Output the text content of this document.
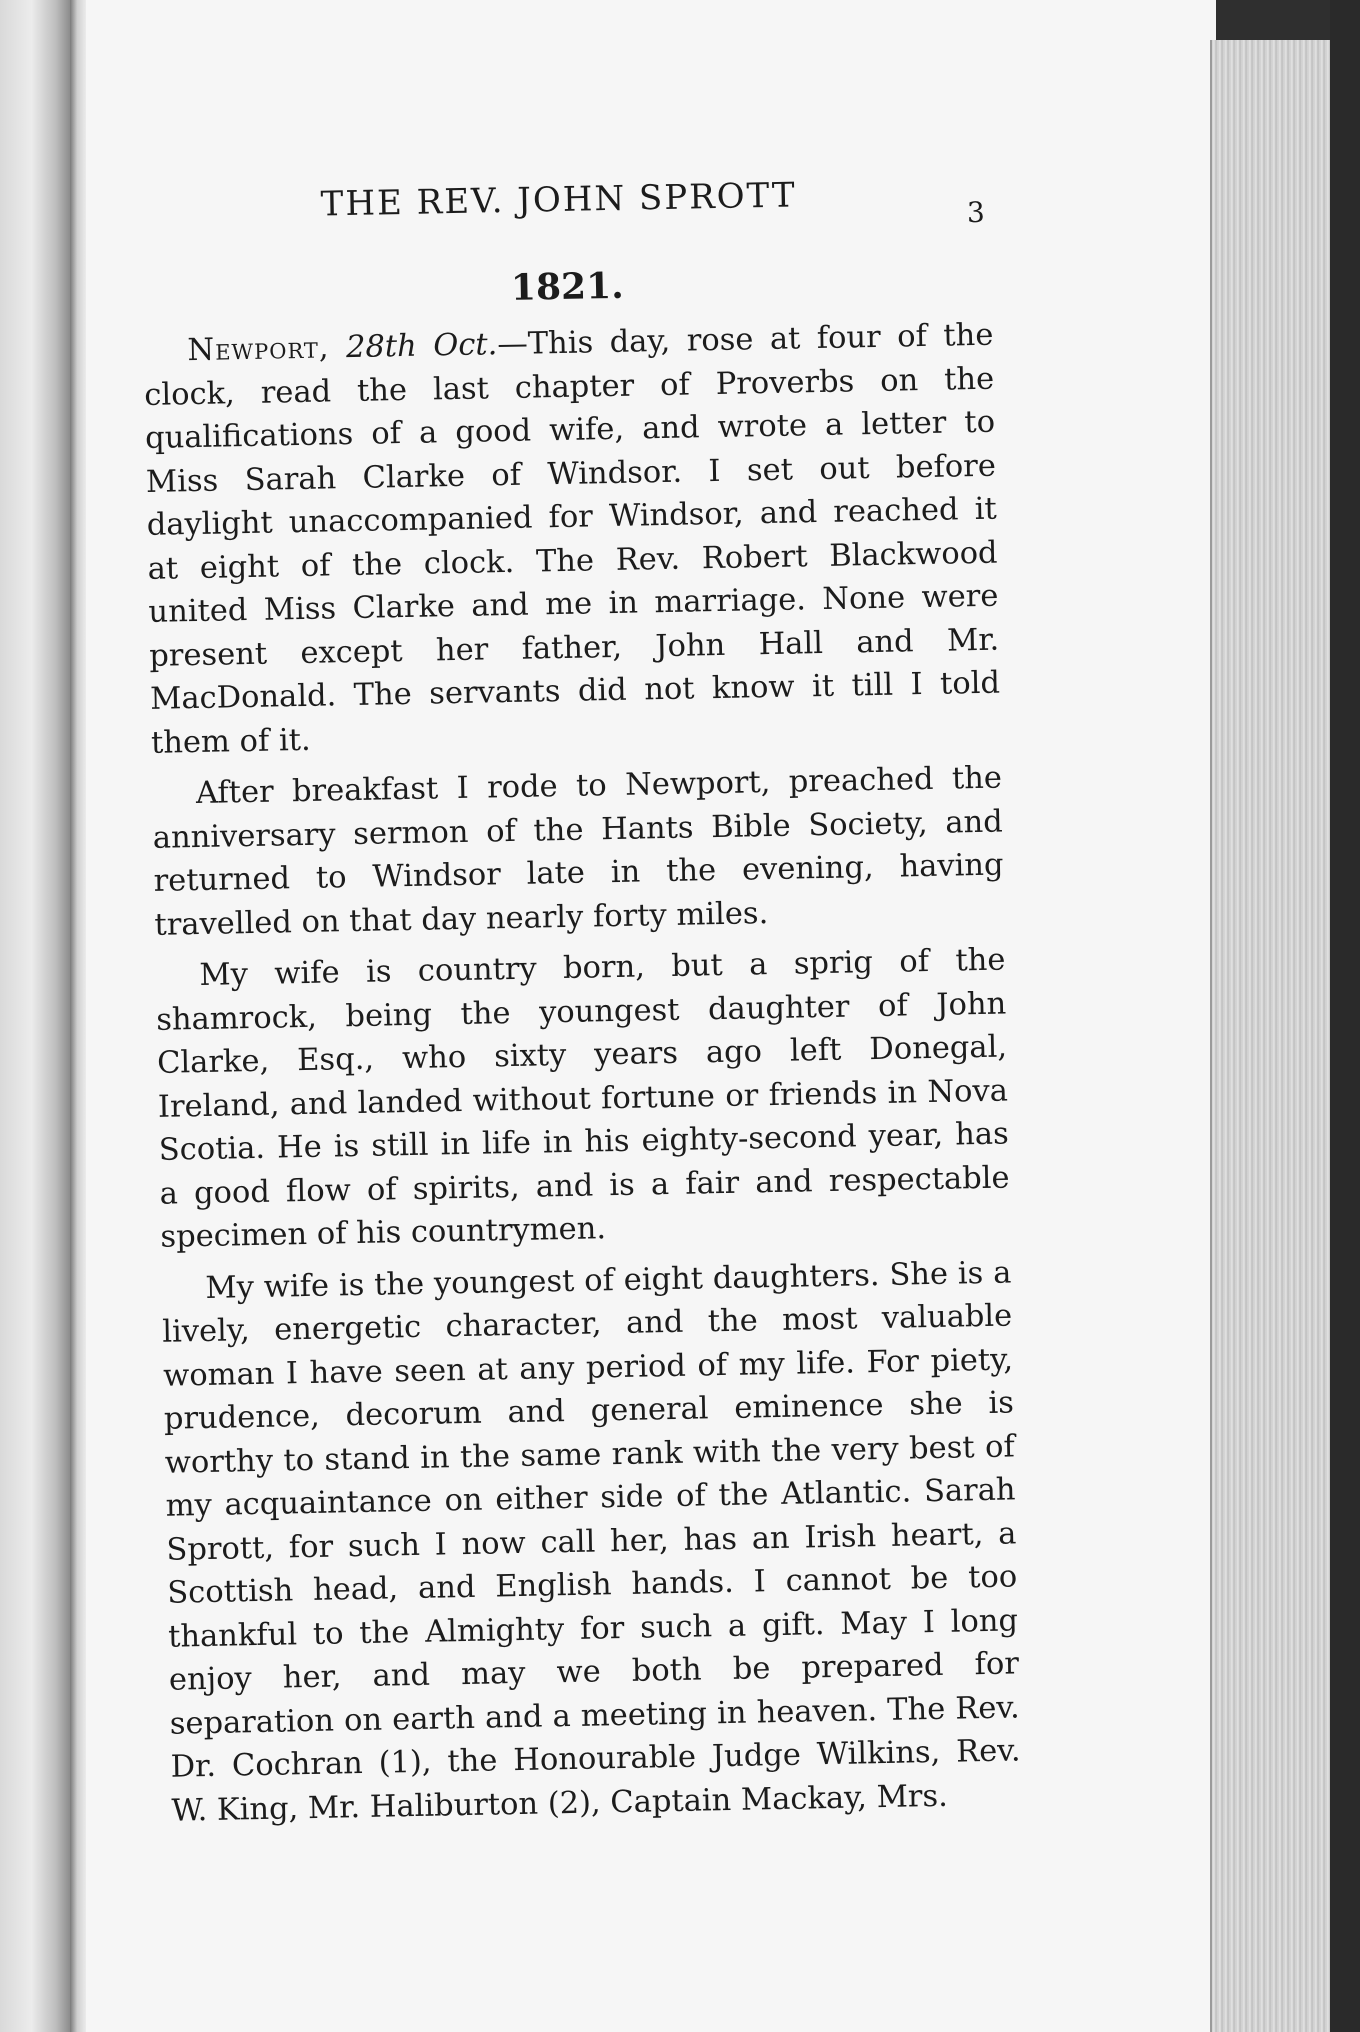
THE REV. JOHN SPROTT	3
1821.

Newport, 28th Oct.—This day, rose at four of the clock, read the last chapter of Proverbs on the qualifications of a good wife, and wrote a letter to Miss Sarah Clarke of Windsor. I set out before daylight unaccompanied for Windsor, and reached it at eight of the clock. The Rev. Robert Blackwood united Miss Clarke and me in marriage. None were present except her father, John Hall and Mr. MacDonald. The servants did not know it till I told them of it.

After breakfast I rode to Newport, preached the anniversary sermon of the Hants Bible Society, and returned to Windsor late in the evening, having travelled on that day nearly forty miles.

My wife is country born, but a sprig of the shamrock, being the youngest daughter of John Clarke, Esq., who sixty years ago left Donegal, Ireland, and landed without fortune or friends in Nova Scotia. He is still in life in his eighty-second year, has a good flow of spirits, and is a fair and respectable specimen of his countrymen.

My wife is the youngest of eight daughters. She is a lively, energetic character, and the most valuable woman I have seen at any period of my life. For piety, prudence, decorum and general eminence she is worthy to stand in the same rank with the very best of my acquaintance on either side of the Atlantic. Sarah Sprott, for such I now call her, has an Irish heart, a Scottish head, and English hands. I cannot be too thankful to the Almighty for such a gift. May I long enjoy her, and may we both be prepared for separation on earth and a meeting in heaven. The Rev. Dr. Cochran (1), the Honourable Judge Wilkins, Rev. W. King, Mr. Haliburton (2), Captain Mackay, Mrs.
